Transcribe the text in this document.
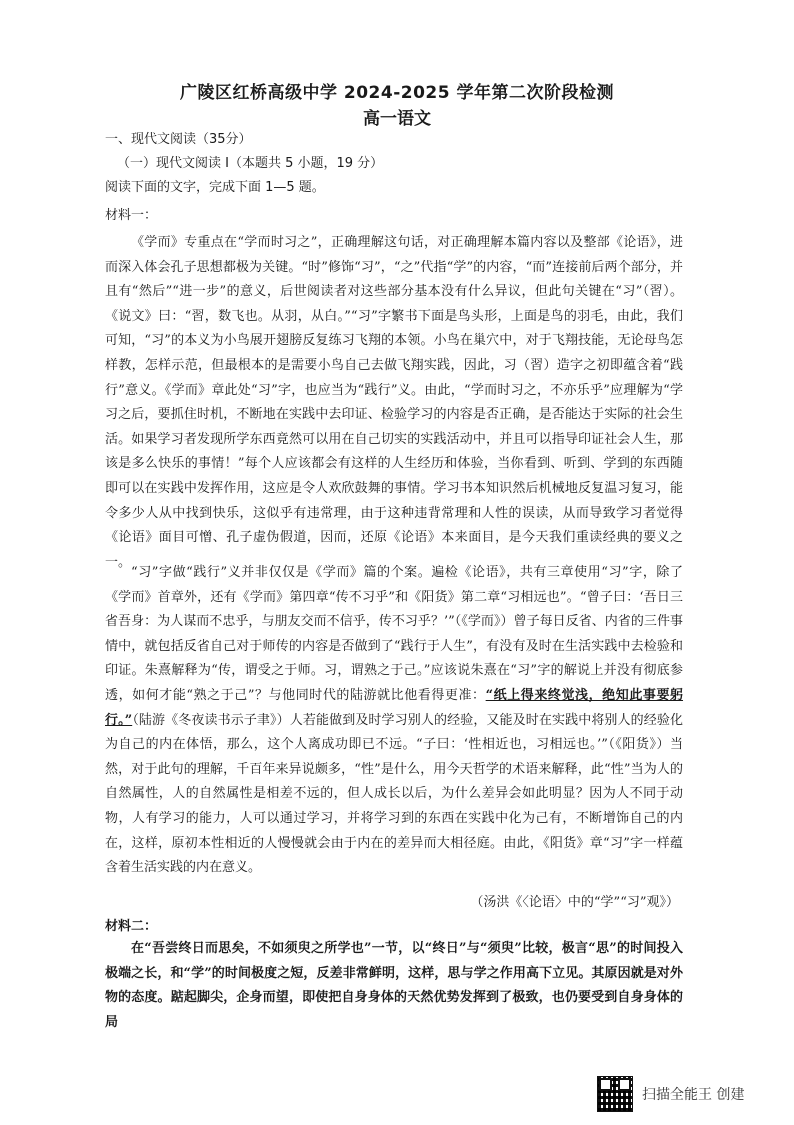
广陵区红桥高级中学 2024-2025 学年第二次阶段检测
高一语文
一、现代文阅读（35分）
（一）现代文阅读 I（本题共 5 小题，19 分）
阅读下面的文字，完成下面 1—5 题。
材料一：

《学而》专重点在“学而时习之”，正确理解这句话，对正确理解本篇内容以及整部《论语》，进而深入体会孔子思想都极为关键。“时”修饰“习”，“之”代指“学”的内容，“而”连接前后两个部分，并且有“然后”“进一步”的意义，后世阅读者对这些部分基本没有什么异议，但此句关键在“习”（習）。《说文》曰：“習，数飞也。从羽，从白。”“习”字繁书下面是鸟头形，上面是鸟的羽毛，由此，我们可知，“习”的本义为小鸟展开翅膀反复练习飞翔的本领。小鸟在巢穴中，对于飞翔技能，无论母鸟怎样教，怎样示范，但最根本的是需要小鸟自己去做飞翔实践，因此，习（習）造字之初即蕴含着“践行”意义。《学而》章此处“习”字，也应当为“践行”义。由此，“学而时习之，不亦乐乎”应理解为“学习之后，要抓住时机，不断地在实践中去印证、检验学习的内容是否正确，是否能达于实际的社会生活。如果学习者发现所学东西竟然可以用在自己切实的实践活动中，并且可以指导印证社会人生，那该是多么快乐的事情！”每个人应该都会有这样的人生经历和体验，当你看到、听到、学到的东西随即可以在实践中发挥作用，这应是令人欢欣鼓舞的事情。学习书本知识然后机械地反复温习复习，能令多少人从中找到快乐，这似乎有违常理，由于这种违背常理和人性的误读，从而导致学习者觉得《论语》面目可憎、孔子虚伪假道，因而，还原《论语》本来面目，是今天我们重读经典的要义之一。

“习”字做“践行”义并非仅仅是《学而》篇的个案。遍检《论语》，共有三章使用“习”字，除了《学而》首章外，还有《学而》第四章“传不习乎”和《阳货》第二章“习相远也”。“曾子曰：‘吾日三省吾身：为人谋而不忠乎，与朋友交而不信乎，传不习乎？’”（《学而》）曾子每日反省、内省的三件事情中，就包括反省自己对于师传的内容是否做到了“践行于人生”，有没有及时在生活实践中去检验和印证。朱熹解释为“传，谓受之于师。习，谓熟之于己。”应该说朱熹在“习”字的解说上并没有彻底参透，如何才能“熟之于己”？与他同时代的陆游就比他看得更准：“纸上得来终觉浅，绝知此事要躬行。”（陆游《冬夜读书示子聿》）人若能做到及时学习别人的经验，又能及时在实践中将别人的经验化为自己的内在体悟，那么，这个人离成功即已不远。“子曰：‘性相近也，习相远也。’”（《阳货》）当然，对于此句的理解，千百年来异说颇多，“性”是什么，用今天哲学的术语来解释，此“性”当为人的自然属性，人的自然属性是相差不远的，但人成长以后，为什么差异会如此明显？因为人不同于动物，人有学习的能力，人可以通过学习，并将学习到的东西在实践中化为己有，不断增饰自己的内在，这样，原初本性相近的人慢慢就会由于内在的差异而大相径庭。由此，《阳货》章“习”字一样蕴含着生活实践的内在意义。

（汤洪《〈论语〉中的“学”“习”观》）
材料二：

在“吾尝终日而思矣，不如须臾之所学也”一节，以“终日”与“须臾”比较，极言“思”的时间投入极端之长，和“学”的时间极度之短，反差非常鲜明，这样，思与学之作用高下立见。其原因就是对外物的态度。踮起脚尖，企身而望，即使把自身身体的天然优势发挥到了极致，也仍要受到自身身体的局

扫描全能王 创建
